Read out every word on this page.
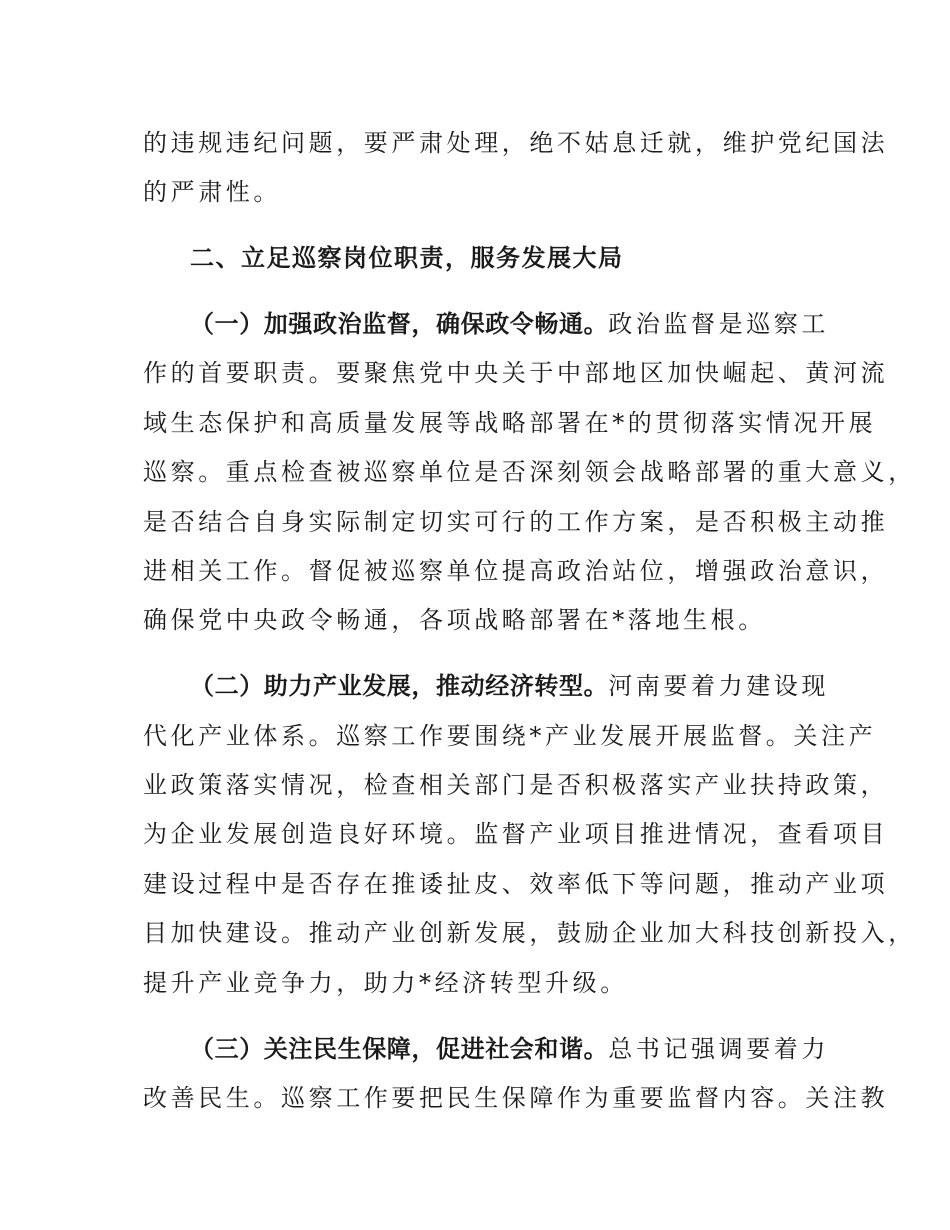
的违规违纪问题，要严肃处理，绝不姑息迁就，维护党纪国法
的严肃性。
二、立足巡察岗位职责，服务发展大局
（一）加强政治监督，确保政令畅通。政治监督是巡察工
作的首要职责。要聚焦党中央关于中部地区加快崛起、黄河流
域生态保护和高质量发展等战略部署在*的贯彻落实情况开展
巡察。重点检查被巡察单位是否深刻领会战略部署的重大意义，
是否结合自身实际制定切实可行的工作方案，是否积极主动推
进相关工作。督促被巡察单位提高政治站位，增强政治意识，
确保党中央政令畅通，各项战略部署在*落地生根。
（二）助力产业发展，推动经济转型。河南要着力建设现
代化产业体系。巡察工作要围绕*产业发展开展监督。关注产
业政策落实情况，检查相关部门是否积极落实产业扶持政策，
为企业发展创造良好环境。监督产业项目推进情况，查看项目
建设过程中是否存在推诿扯皮、效率低下等问题，推动产业项
目加快建设。推动产业创新发展，鼓励企业加大科技创新投入，
提升产业竞争力，助力*经济转型升级。
（三）关注民生保障，促进社会和谐。总书记强调要着力
改善民生。巡察工作要把民生保障作为重要监督内容。关注教
